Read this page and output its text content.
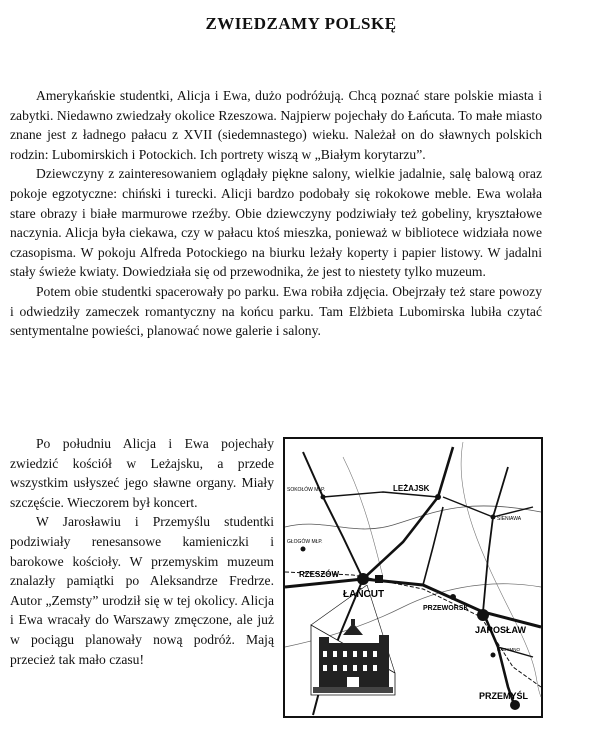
ZWIEDZAMY POLSKĘ

Amerykańskie studentki, Alicja i Ewa, dużo podróżują. Chcą poznać stare polskie miasta i zabytki. Niedawno zwiedzały okolice Rzeszowa. Najpierw pojechały do Łańcuta. To małe miasto znane jest z ładnego pałacu z XVII (siedemnastego) wieku. Należał on do sławnych polskich rodzin: Lubomirskich i Potockich. Ich portrety wiszą w „Białym korytarzu”.

Dziewczyny z zainteresowaniem oglądały piękne salony, wielkie jadalnie, salę balową oraz pokoje egzotyczne: chiński i turecki. Alicji bardzo podobały się rokokowe meble. Ewa wolała stare obrazy i białe marmurowe rzeźby. Obie dziewczyny podziwiały też gobeliny, kryształowe naczynia. Alicja była ciekawa, czy w pałacu ktoś mieszka, ponieważ w bibliotece widziała nowe czasopisma. W pokoju Alfreda Potockiego na biurku leżały koperty i papier listowy. W jadalni stały świeże kwiaty. Dowiedziała się od przewodnika, że jest to niestety tylko muzeum.

Potem obie studentki spacerowały po parku. Ewa robiła zdjęcia. Obejrzały też stare powozy i odwiedziły zameczek romantyczny na końcu parku. Tam Elżbieta Lubomirska lubiła czytać sentymentalne powieści, planować nowe galerie i salony.

Po południu Alicja i Ewa pojechały zwiedzić kościół w Leżajsku, a przede wszystkim usłyszeć jego sławne organy. Miały szczęście. Wieczorem był koncert.

W Jarosławiu i Przemyślu studentki podziwiały renesansowe kamieniczki i barokowe kościoły. W przemyskim muzeum znalazły pamiątki po Aleksandrze Fredrze. Autor „Zemsty” urodził się w tej okolicy. Alicja i Ewa wracały do Warszawy zmęczone, ale już w pociągu planowały nową podróż. Mają przecież tak mało czasu!

SOKOŁÓW MŁP.
GŁOGÓW MŁP.
LEŻAJSK
SIENIAWA
RZESZÓW
ŁAŃCUT
PRZEWORSK
JAROSŁAW
RADYMNO
PRZEMYŚL
